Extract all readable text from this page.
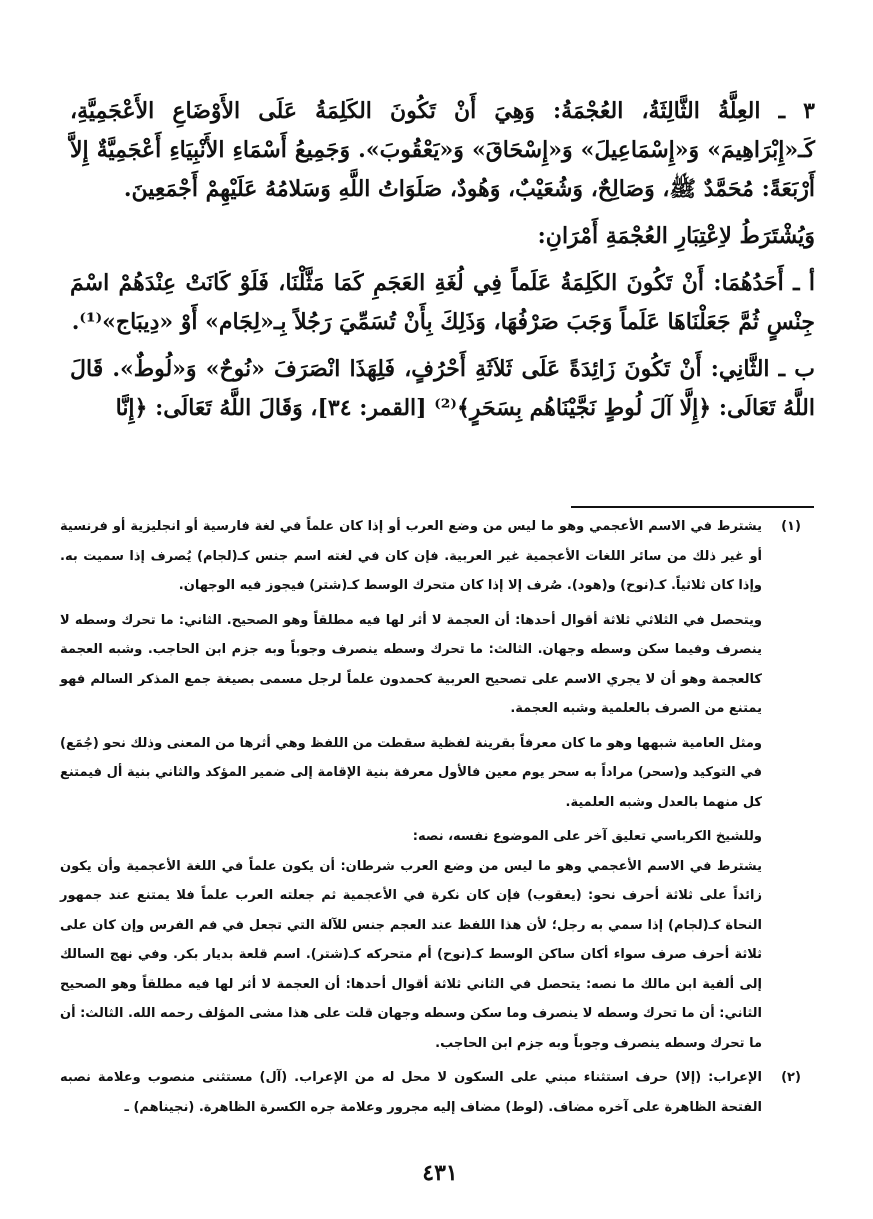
٣ ـ العِلَّةُ الثَّالِثَةُ، العُجْمَةُ: وَهِيَ أَنْ تَكُونَ الكَلِمَةُ عَلَى الأَوْضَاعِ الأَعْجَمِيَّةِ، كَـ«إِبْرَاهِيمَ» وَ«إِسْمَاعِيلَ» وَ«إِسْحَاقَ» وَ«يَعْقُوبَ». وَجَمِيعُ أَسْمَاءِ الأَنْبِيَاءِ أَعْجَمِيَّةٌ إِلاَّ أَرْبَعَةً: مُحَمَّدٌ ﷺ، وَصَالِحٌ، وَشُعَيْبٌ، وَهُودٌ، صَلَوَاتُ اللَّهِ وَسَلامُهُ عَلَيْهِمْ أَجْمَعِينَ.

وَيُشْتَرَطُ لاِعْتِبَارِ العُجْمَةِ أَمْرَانِ:

أ ـ أَحَدُهُمَا: أَنْ تَكُونَ الكَلِمَةُ عَلَماً فِي لُغَةِ العَجَمِ كَمَا مَثَّلْنَا، فَلَوْ كَانَتْ عِنْدَهُمْ اسْمَ جِنْسٍ ثُمَّ جَعَلْنَاهَا عَلَماً وَجَبَ صَرْفُهَا، وَذَلِكَ بِأَنْ تُسَمِّيَ رَجُلاً بِـ«لِجَام» أَوْ «دِيبَاج»⁽¹⁾.

ب ـ الثَّانِي: أَنْ تَكُونَ زَائِدَةً عَلَى ثَلاَثَةِ أَحْرُفٍ، فَلِهَذَا انْصَرَفَ «نُوحٌ» وَ«لُوطٌ». قَالَ اللَّهُ تَعَالَى: ﴿إِلَّا آلَ لُوطٍ نَجَّيْنَاهُم بِسَحَرٍ﴾⁽²⁾ [القمر: ٣٤]، وَقَالَ اللَّهُ تَعَالَى: ﴿إِنَّا

(١)

يشترط في الاسم الأعجمي وهو ما ليس من وضع العرب أو إذا كان علماً في لغة فارسية أو انجليزية أو فرنسية أو غير ذلك من سائر اللغات الأعجمية غير العربية. فإن كان في لغته اسم جنس كـ(لجام) يُصرف إذا سميت به. وإذا كان ثلاثياً. كـ(نوح) و(هود). صُرف إلا إذا كان متحرك الوسط كـ(شتر) فيجوز فيه الوجهان.

ويتحصل في الثلاثي ثلاثة أقوال أحدها: أن العجمة لا أثر لها فيه مطلقاً وهو الصحيح. الثاني: ما تحرك وسطه لا ينصرف وفيما سكن وسطه وجهان. الثالث: ما تحرك وسطه ينصرف وجوباً وبه جزم ابن الحاجب. وشبه العجمة كالعجمة وهو أن لا يجري الاسم على تصحيح العربية كحمدون علماً لرجل مسمى بصيغة جمع المذكر السالم فهو يمتنع من الصرف بالعلمية وشبه العجمة.

ومثل العامية شبهها وهو ما كان معرفاً بقرينة لفظية سقطت من اللفظ وهي أثرها من المعنى وذلك نحو (جُمَع) في التوكيد و(سحر) مراداً به سحر يوم معين فالأول معرفة بنية الإقامة إلى ضمير المؤكد والثاني بنية أل فيمتنع كل منهما بالعدل وشبه العلمية.

وللشيخ الكرباسي تعليق آخر على الموضوع نفسه، نصه:

يشترط في الاسم الأعجمي وهو ما ليس من وضع العرب شرطان: أن يكون علماً في اللغة الأعجمية وأن يكون زائداً على ثلاثة أحرف نحو: (يعقوب) فإن كان نكرة في الأعجمية ثم جعلته العرب علماً فلا يمتنع عند جمهور النحاة كـ(لجام) إذا سمي به رجل؛ لأن هذا اللفظ عند العجم جنس للآلة التي تجعل في فم الفرس وإن كان على ثلاثة أحرف صرف سواء أكان ساكن الوسط كـ(نوح) أم متحركه كـ(شتر). اسم قلعة بديار بكر. وفي نهج السالك إلى ألفية ابن مالك ما نصه: يتحصل في الثاني ثلاثة أقوال أحدها: أن العجمة لا أثر لها فيه مطلقاً وهو الصحيح الثاني: أن ما تحرك وسطه لا ينصرف وما سكن وسطه وجهان قلت على هذا مشى المؤلف رحمه الله. الثالث: أن ما تحرك وسطه ينصرف وجوباً وبه جزم ابن الحاجب.

(٢)

الإعراب: (إلا) حرف استثناء مبني على السكون لا محل له من الإعراب. (آل) مستثنى منصوب وعلامة نصبه الفتحة الظاهرة على آخره مضاف. (لوط) مضاف إليه مجرور وعلامة جره الكسرة الظاهرة. (نجيناهم) ـ

٤٣١
